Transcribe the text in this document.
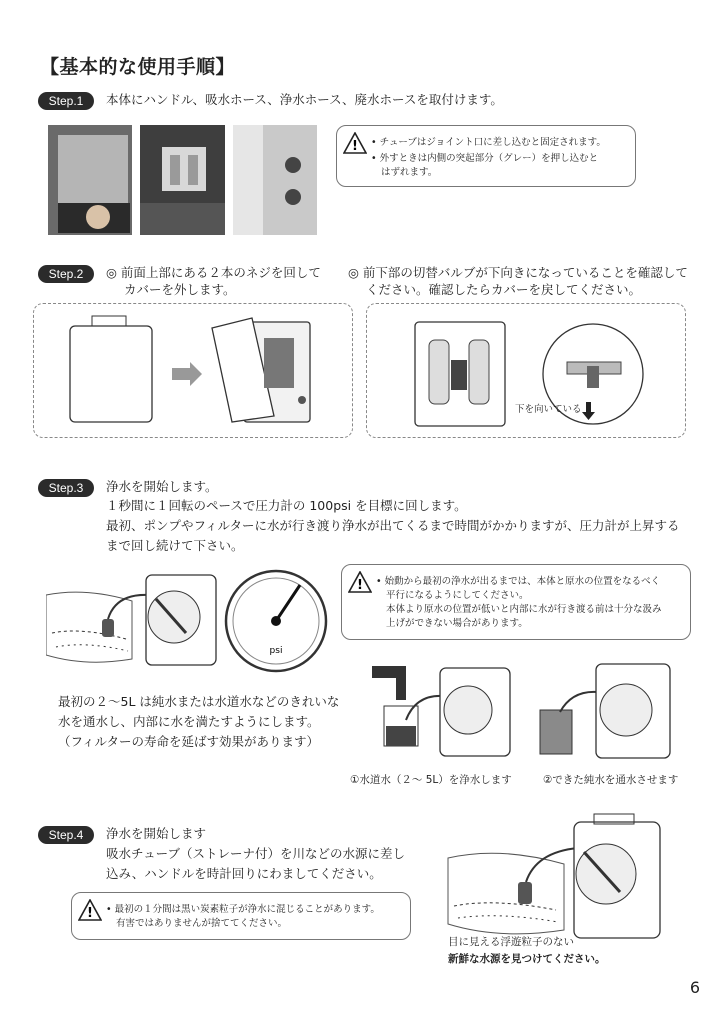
【基本的な使用手順】
Step.1	本体にハンドル、吸水ホース、浄水ホース、廃水ホースを取付けます。
! • チューブはジョイント口に差し込むと固定されます。
• 外すときは内側の突起部分（グレー）を押し込むと
はずれます。
Step.2	◎ 前面上部にある２本のネジを回して
カバーを外します。
◎ 前下部の切替バルブが下向きになっていることを確認して
ください。確認したらカバーを戻してください。
下を向いている
Step.3	浄水を開始します。
１秒間に１回転のペースで圧力計の 100psi を目標に回します。
最初、ポンプやフィルターに水が行き渡り浄水が出てくるまで時間がかかりますが、圧力計が上昇する
まで回し続けて下さい。
psi
! • 始動から最初の浄水が出るまでは、本体と原水の位置をなるべく
平行になるようにしてください。
本体より原水の位置が低いと内部に水が行き渡る前は十分な汲み
上げができない場合があります。
最初の２～5L は純水または水道水などのきれいな
水を通水し、内部に水を満たすようにします。
（フィルターの寿命を延ばす効果があります）
①水道水（２～ 5L）を浄水します	②できた純水を通水させます
Step.4	浄水を開始します
吸水チューブ（ストレーナ付）を川などの水源に差し
込み、ハンドルを時計回りにわましてください。
! • 最初の１分間は黒い炭素粒子が浄水に混じることがあります。
有害ではありませんが捨ててください。
目に見える浮遊粒子のない
新鮮な水源を見つけてください。
6
